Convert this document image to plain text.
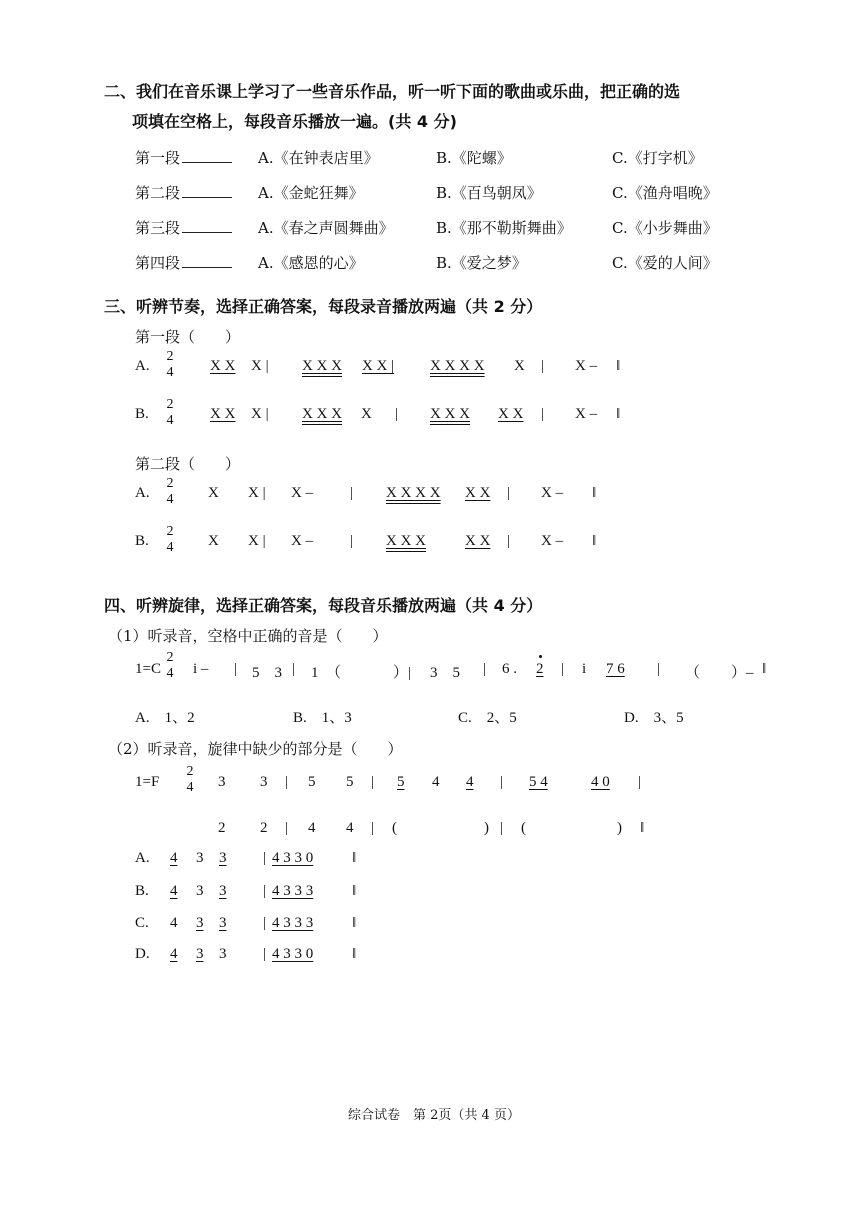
二、我们在音乐课上学习了一些音乐作品，听一听下面的歌曲或乐曲，把正确的选
项填在空格上，每段音乐播放一遍。(共 4 分)
第一段	A.《在钟表店里》	B.《陀螺》	C.《打字机》
第二段	A.《金蛇狂舞》	B.《百鸟朝凤》	C.《渔舟唱晚》
第三段	A.《春之声圆舞曲》	B.《那不勒斯舞曲》	C.《小步舞曲》
第四段	A.《感恩的心》	B.《爱之梦》	C.《爱的人间》
三、听辨节奏，选择正确答案，每段录音播放两遍（共 2 分）
第一段（　　）
A.
2
4 X X X | X X X X X | X X X X X | X – ‖
B.
2
4 X X X | X X X X | X X X X X | X – ‖
第二段（　　）
A.
2
4 X X | X – | X X X X X X | X – ‖
B.
2
4 X X | X – | X X X	X X | X – ‖
四、听辨旋律，选择正确答案，每段音乐播放两遍（共 4 分）
（1）听录音，空格中正确的音是（　　）
1=C
2
4 i – | 5　3 | 1　（	）| 3　5 | 6 . 2 | i 7 6 | （ ）– ‖
A.　1、2	B.　1、3	C.　2、5	D.　3、5
（2）听录音，旋律中缺少的部分是（　　）
1=F
2
4 3 3 | 5 5 | 5 4 4 | 5 4	4 0 |
2 2 | 4 4 | (	) | (	) ‖
A. 4 3 3 | 4 3 3 0	‖
B. 4 3 3 | 4 3 3 3	‖
C. 4 3 3 | 4 3 3 3	‖
D. 4 3 3 | 4 3 3 0	‖
综合试卷　第 2页（共 4 页）
